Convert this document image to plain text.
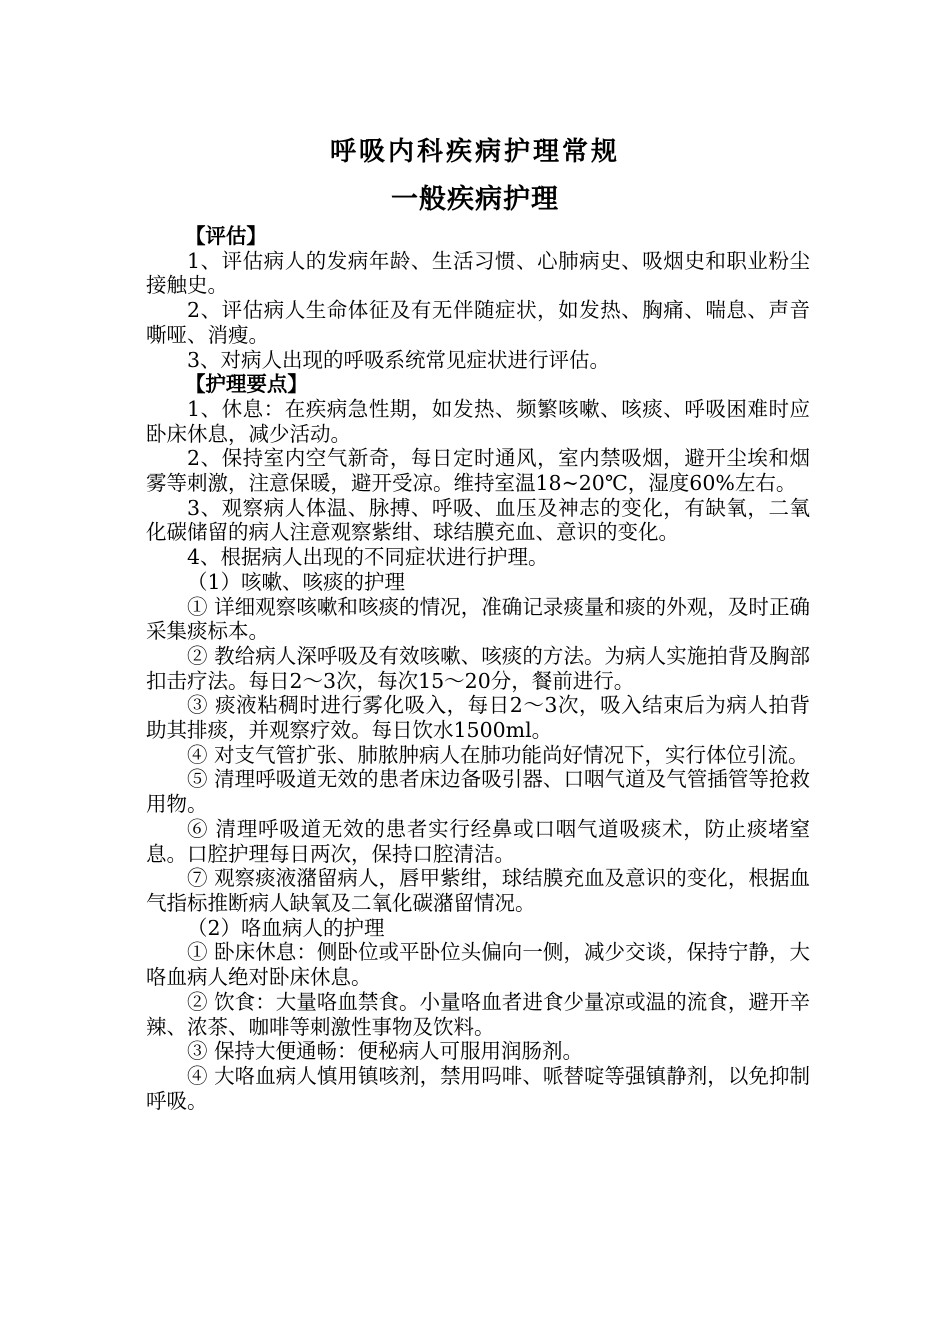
呼吸内科疾病护理常规
一般疾病护理

【评估】

1、评估病人的发病年龄、生活习惯、心肺病史、吸烟史和职业粉尘接触史。

2、评估病人生命体征及有无伴随症状，如发热、胸痛、喘息、声音嘶哑、消瘦。

3、对病人出现的呼吸系统常见症状进行评估。

【护理要点】

1、休息：在疾病急性期，如发热、频繁咳嗽、咳痰、呼吸困难时应卧床休息，减少活动。

2、保持室内空气新奇，每日定时通风，室内禁吸烟，避开尘埃和烟雾等刺激，注意保暖，避开受凉。维持室温18~20℃，湿度60%左右。

3、观察病人体温、脉搏、呼吸、血压及神志的变化，有缺氧，二氧化碳储留的病人注意观察紫绀、球结膜充血、意识的变化。

4、根据病人出现的不同症状进行护理。

（1）咳嗽、咳痰的护理

① 详细观察咳嗽和咳痰的情况，准确记录痰量和痰的外观，及时正确采集痰标本。

② 教给病人深呼吸及有效咳嗽、咳痰的方法。为病人实施拍背及胸部扣击疗法。每日2～3次，每次15～20分，餐前进行。

③ 痰液粘稠时进行雾化吸入，每日2～3次，吸入结束后为病人拍背助其排痰，并观察疗效。每日饮水1500ml。

④ 对支气管扩张、肺脓肿病人在肺功能尚好情况下，实行体位引流。

⑤ 清理呼吸道无效的患者床边备吸引器、口咽气道及气管插管等抢救用物。

⑥ 清理呼吸道无效的患者实行经鼻或口咽气道吸痰术，防止痰堵窒息。口腔护理每日两次，保持口腔清洁。

⑦ 观察痰液潴留病人，唇甲紫绀，球结膜充血及意识的变化，根据血气指标推断病人缺氧及二氧化碳潴留情况。

（2）咯血病人的护理

① 卧床休息：侧卧位或平卧位头偏向一侧，减少交谈，保持宁静，大咯血病人绝对卧床休息。

② 饮食：大量咯血禁食。小量咯血者进食少量凉或温的流食，避开辛辣、浓茶、咖啡等刺激性事物及饮料。

③ 保持大便通畅：便秘病人可服用润肠剂。

④ 大咯血病人慎用镇咳剂，禁用吗啡、哌替啶等强镇静剂，以免抑制呼吸。
